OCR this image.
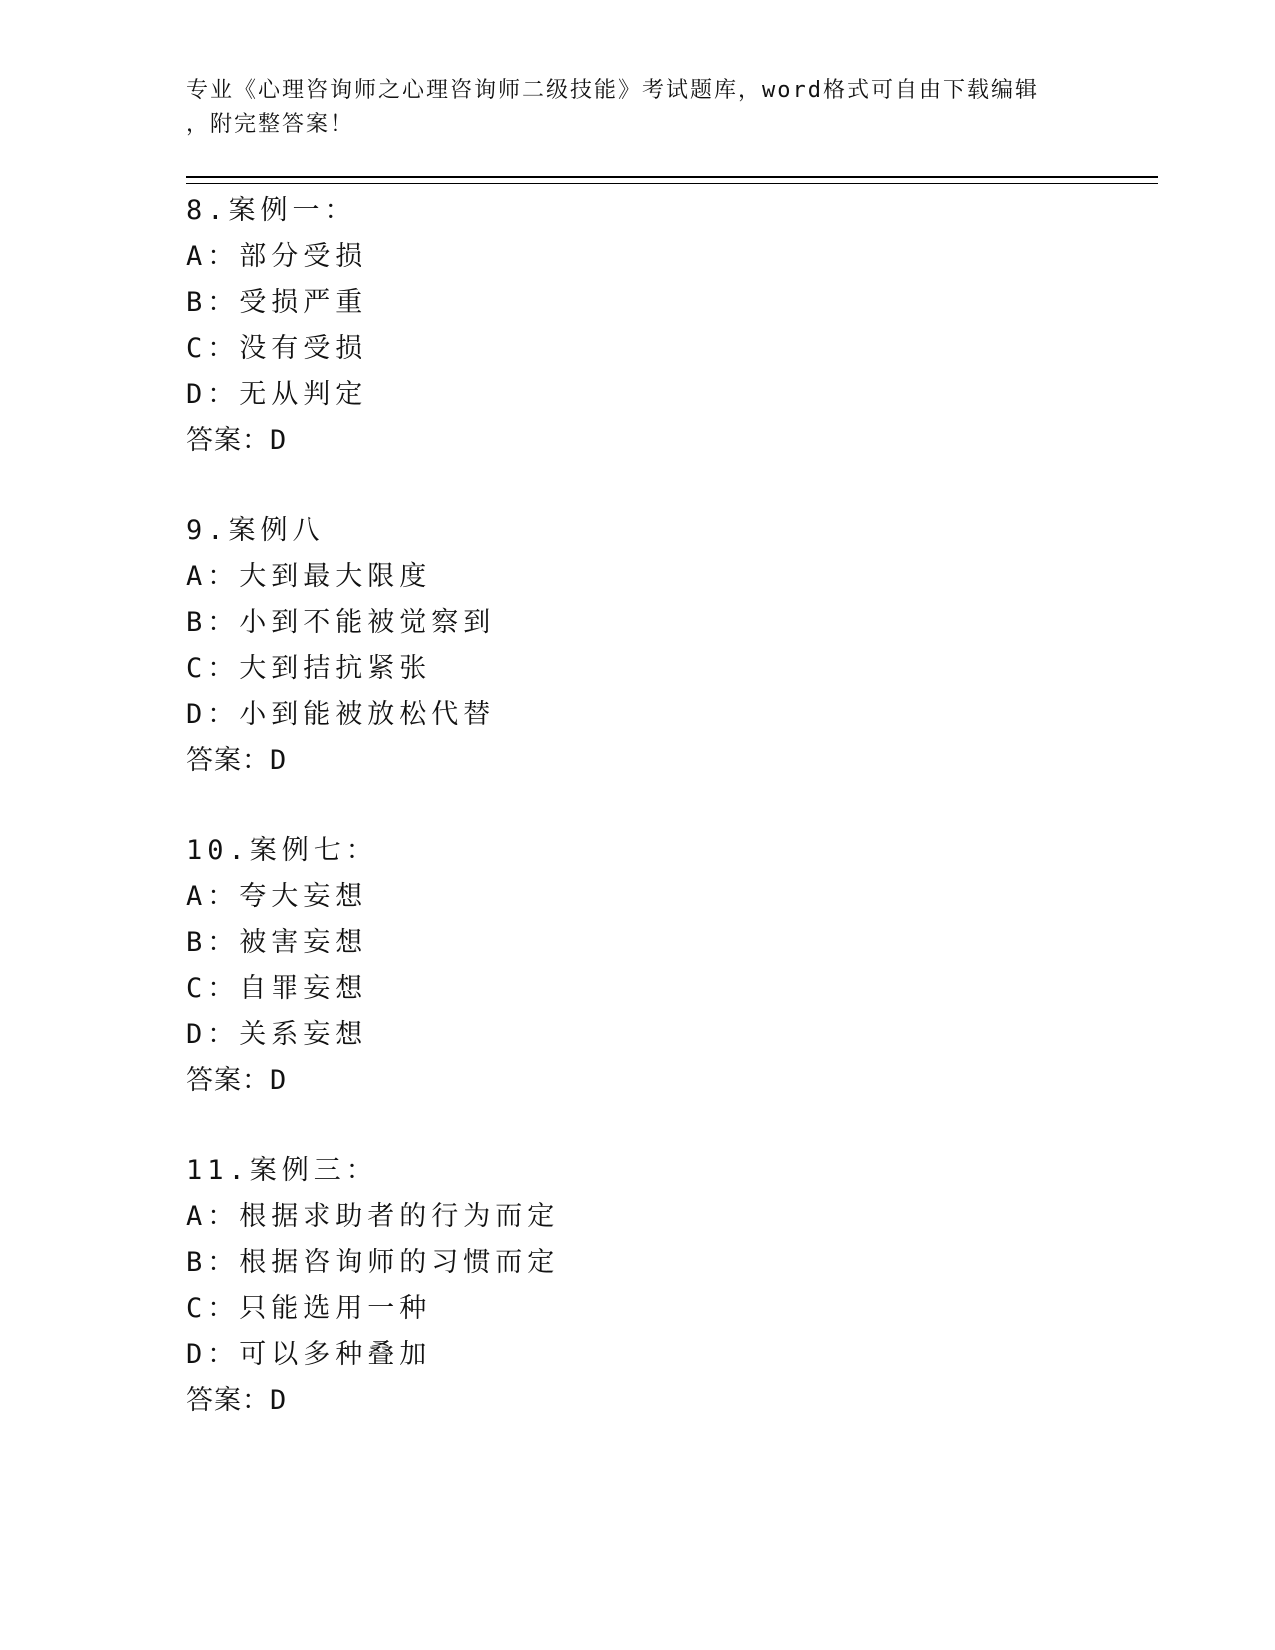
专业《心理咨询师之心理咨询师二级技能》考试题库，word格式可自由下载编辑
，附完整答案！
8.案例一：
A：部分受损
B：受损严重
C：没有受损
D：无从判定
答案：D
9.案例八
A：大到最大限度
B：小到不能被觉察到
C：大到拮抗紧张
D：小到能被放松代替
答案：D
10.案例七：
A：夸大妄想
B：被害妄想
C：自罪妄想
D：关系妄想
答案：D
11.案例三：
A：根据求助者的行为而定
B：根据咨询师的习惯而定
C：只能选用一种
D：可以多种叠加
答案：D
